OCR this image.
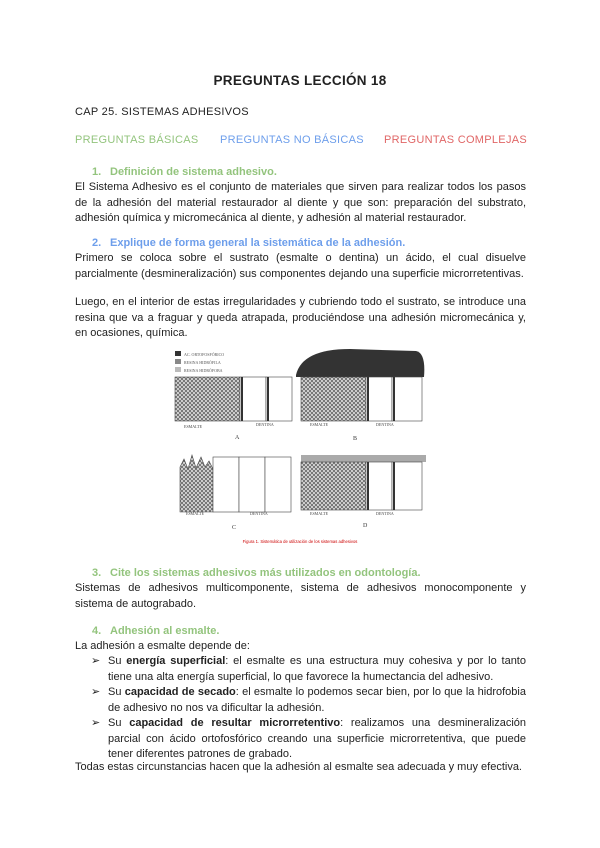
PREGUNTAS LECCIÓN 18
CAP 25. SISTEMAS ADHESIVOS
PREGUNTAS BÁSICAS PREGUNTAS NO BÁSICAS PREGUNTAS COMPLEJAS
1. Definición de sistema adhesivo.
El Sistema Adhesivo es el conjunto de materiales que sirven para realizar todos los pasos
de la adhesión del material restaurador al diente y que son: preparación del substrato,
adhesión química y micromecánica al diente, y adhesión al material restaurador.
2. Explique de forma general la sistemática de la adhesión.
Primero se coloca sobre el sustrato (esmalte o dentina) un ácido, el cual disuelve
parcialmente (desmineralización) sus componentes dejando una superficie microrretentivas.
Luego, en el interior de estas irregularidades y cubriendo todo el sustrato, se introduce una
resina que va a fraguar y queda atrapada, produciéndose una adhesión micromecánica y,
en ocasiones, química.
AC. ORTOFOSFÓRICO
RESINA HIDRÓFILA
RESINA HIDRÓFOBA
ESMALTE	DENTINA
A
ESMALTE	DENTINA
B
ESMALTE	DENTINA
C
ESMALTE	DENTINA
D
Figura 1. Sistemática de utilización de los sistemas adhesivos
3. Cite los sistemas adhesivos más utilizados en odontología.
Sistemas de adhesivos multicomponente, sistema de adhesivos monocomponente y
sistema de autograbado.
4. Adhesión al esmalte.
La adhesión a esmalte depende de:
➢ Su energía superficial: el esmalte es una estructura muy cohesiva y por lo tanto
tiene una alta energía superficial, lo que favorece la humectancia del adhesivo.
➢ Su capacidad de secado: el esmalte lo podemos secar bien, por lo que la hidrofobia
de adhesivo no nos va dificultar la adhesión.
➢ Su capacidad de resultar microrretentivo: realizamos una desmineralización
parcial con ácido ortofosfórico creando una superficie microrretentiva, que puede
tener diferentes patrones de grabado.
Todas estas circunstancias hacen que la adhesión al esmalte sea adecuada y muy efectiva.
